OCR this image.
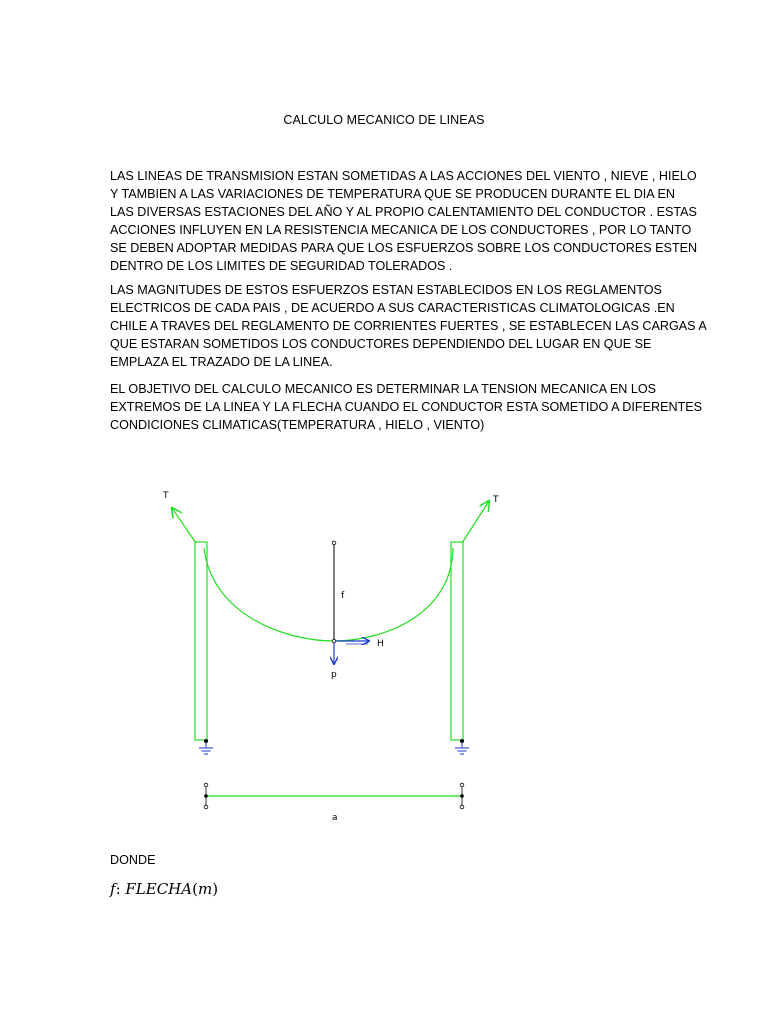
CALCULO MECANICO DE LINEAS

LAS LINEAS DE TRANSMISION ESTAN SOMETIDAS A LAS ACCIONES DEL VIENTO , NIEVE , HIELO
Y TAMBIEN A LAS VARIACIONES DE TEMPERATURA QUE SE PRODUCEN DURANTE EL DIA EN
LAS DIVERSAS ESTACIONES DEL AÑO Y AL PROPIO CALENTAMIENTO DEL CONDUCTOR . ESTAS
ACCIONES INFLUYEN EN LA RESISTENCIA MECANICA DE LOS CONDUCTORES , POR LO TANTO
SE DEBEN ADOPTAR MEDIDAS PARA QUE LOS ESFUERZOS SOBRE LOS CONDUCTORES ESTEN
DENTRO DE LOS LIMITES DE SEGURIDAD TOLERADOS .

LAS MAGNITUDES DE ESTOS ESFUERZOS ESTAN ESTABLECIDOS EN LOS REGLAMENTOS
ELECTRICOS DE CADA PAIS , DE ACUERDO A SUS CARACTERISTICAS CLIMATOLOGICAS .EN
CHILE A TRAVES DEL REGLAMENTO DE CORRIENTES FUERTES , SE ESTABLECEN LAS CARGAS A
QUE ESTARAN SOMETIDOS LOS CONDUCTORES DEPENDIENDO DEL LUGAR EN QUE SE
EMPLAZA EL TRAZADO DE LA LINEA.

EL OBJETIVO DEL CALCULO MECANICO ES DETERMINAR LA TENSION MECANICA EN LOS
EXTREMOS DE LA LINEA Y LA FLECHA CUANDO EL CONDUCTOR ESTA SOMETIDO A DIFERENTES
CONDICIONES CLIMATICAS(TEMPERATURA , HIELO , VIENTO)

T	T
f
H
p
a
DONDE
f: FLECHA(m)
